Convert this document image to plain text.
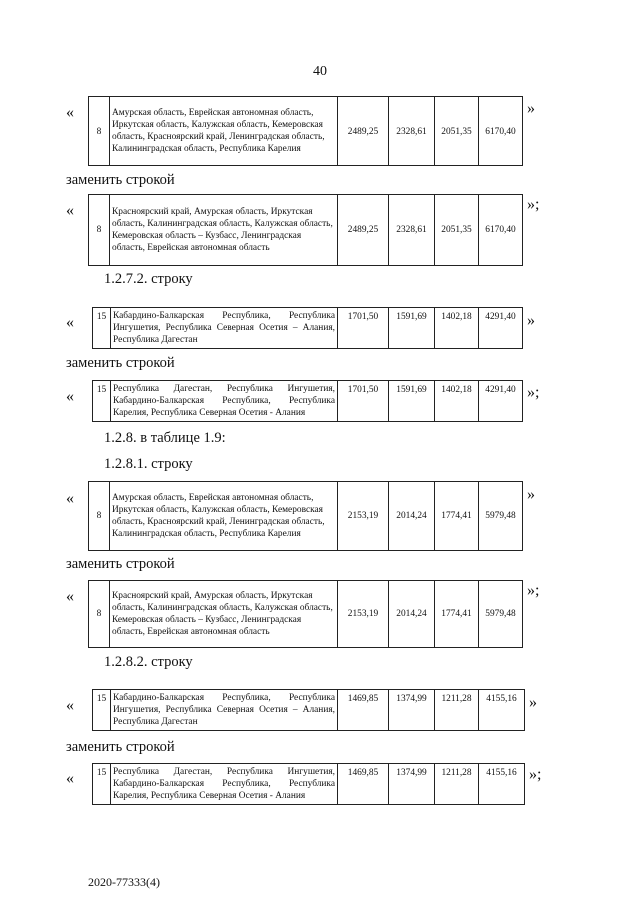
40
«
8	Амурская область, Еврейская автономная область, Иркутская область, Калужская область, Кемеровская область, Красноярский край, Ленинградская область, Калининградская область, Республика Карелия	2489,25	2328,61	2051,35	6170,40
»
заменить строкой
«
8	Красноярский край, Амурская область, Иркутская область, Калининградская область, Калужская область, Кемеровская область – Кузбасс, Ленинградская область, Еврейская автономная область	2489,25	2328,61	2051,35	6170,40
»;
1.2.7.2. строку
« 15	Кабардино-Балкарская Республика, Республика Ингушетия, Республика Северная Осетия – Алания, Республика Дагестан	1701,50	1591,69	1402,18	4291,40 »
заменить строкой
« 15	Республика Дагестан, Республика Ингушетия, Кабардино-Балкарская Республика, Республика Карелия, Республика Северная Осетия - Алания	1701,50	1591,69	1402,18	4291,40 »;
1.2.8. в таблице 1.9:
1.2.8.1. строку
«
8	Амурская область, Еврейская автономная область, Иркутская область, Калужская область, Кемеровская область, Красноярский край, Ленинградская область, Калининградская область, Республика Карелия	2153,19	2014,24	1774,41	5979,48
»
заменить строкой
«
8	Красноярский край, Амурская область, Иркутская область, Калининградская область, Калужская область, Кемеровская область – Кузбасс, Ленинградская область, Еврейская автономная область	2153,19	2014,24	1774,41	5979,48
»;
1.2.8.2. строку
« 15	Кабардино-Балкарская Республика, Республика Ингушетия, Республика Северная Осетия – Алания, Республика Дагестан	1469,85	1374,99	1211,28	4155,16 »
заменить строкой
« 15	Республика Дагестан, Республика Ингушетия, Кабардино-Балкарская Республика, Республика Карелия, Республика Северная Осетия - Алания	1469,85	1374,99	1211,28	4155,16 »;
2020-77333(4)
